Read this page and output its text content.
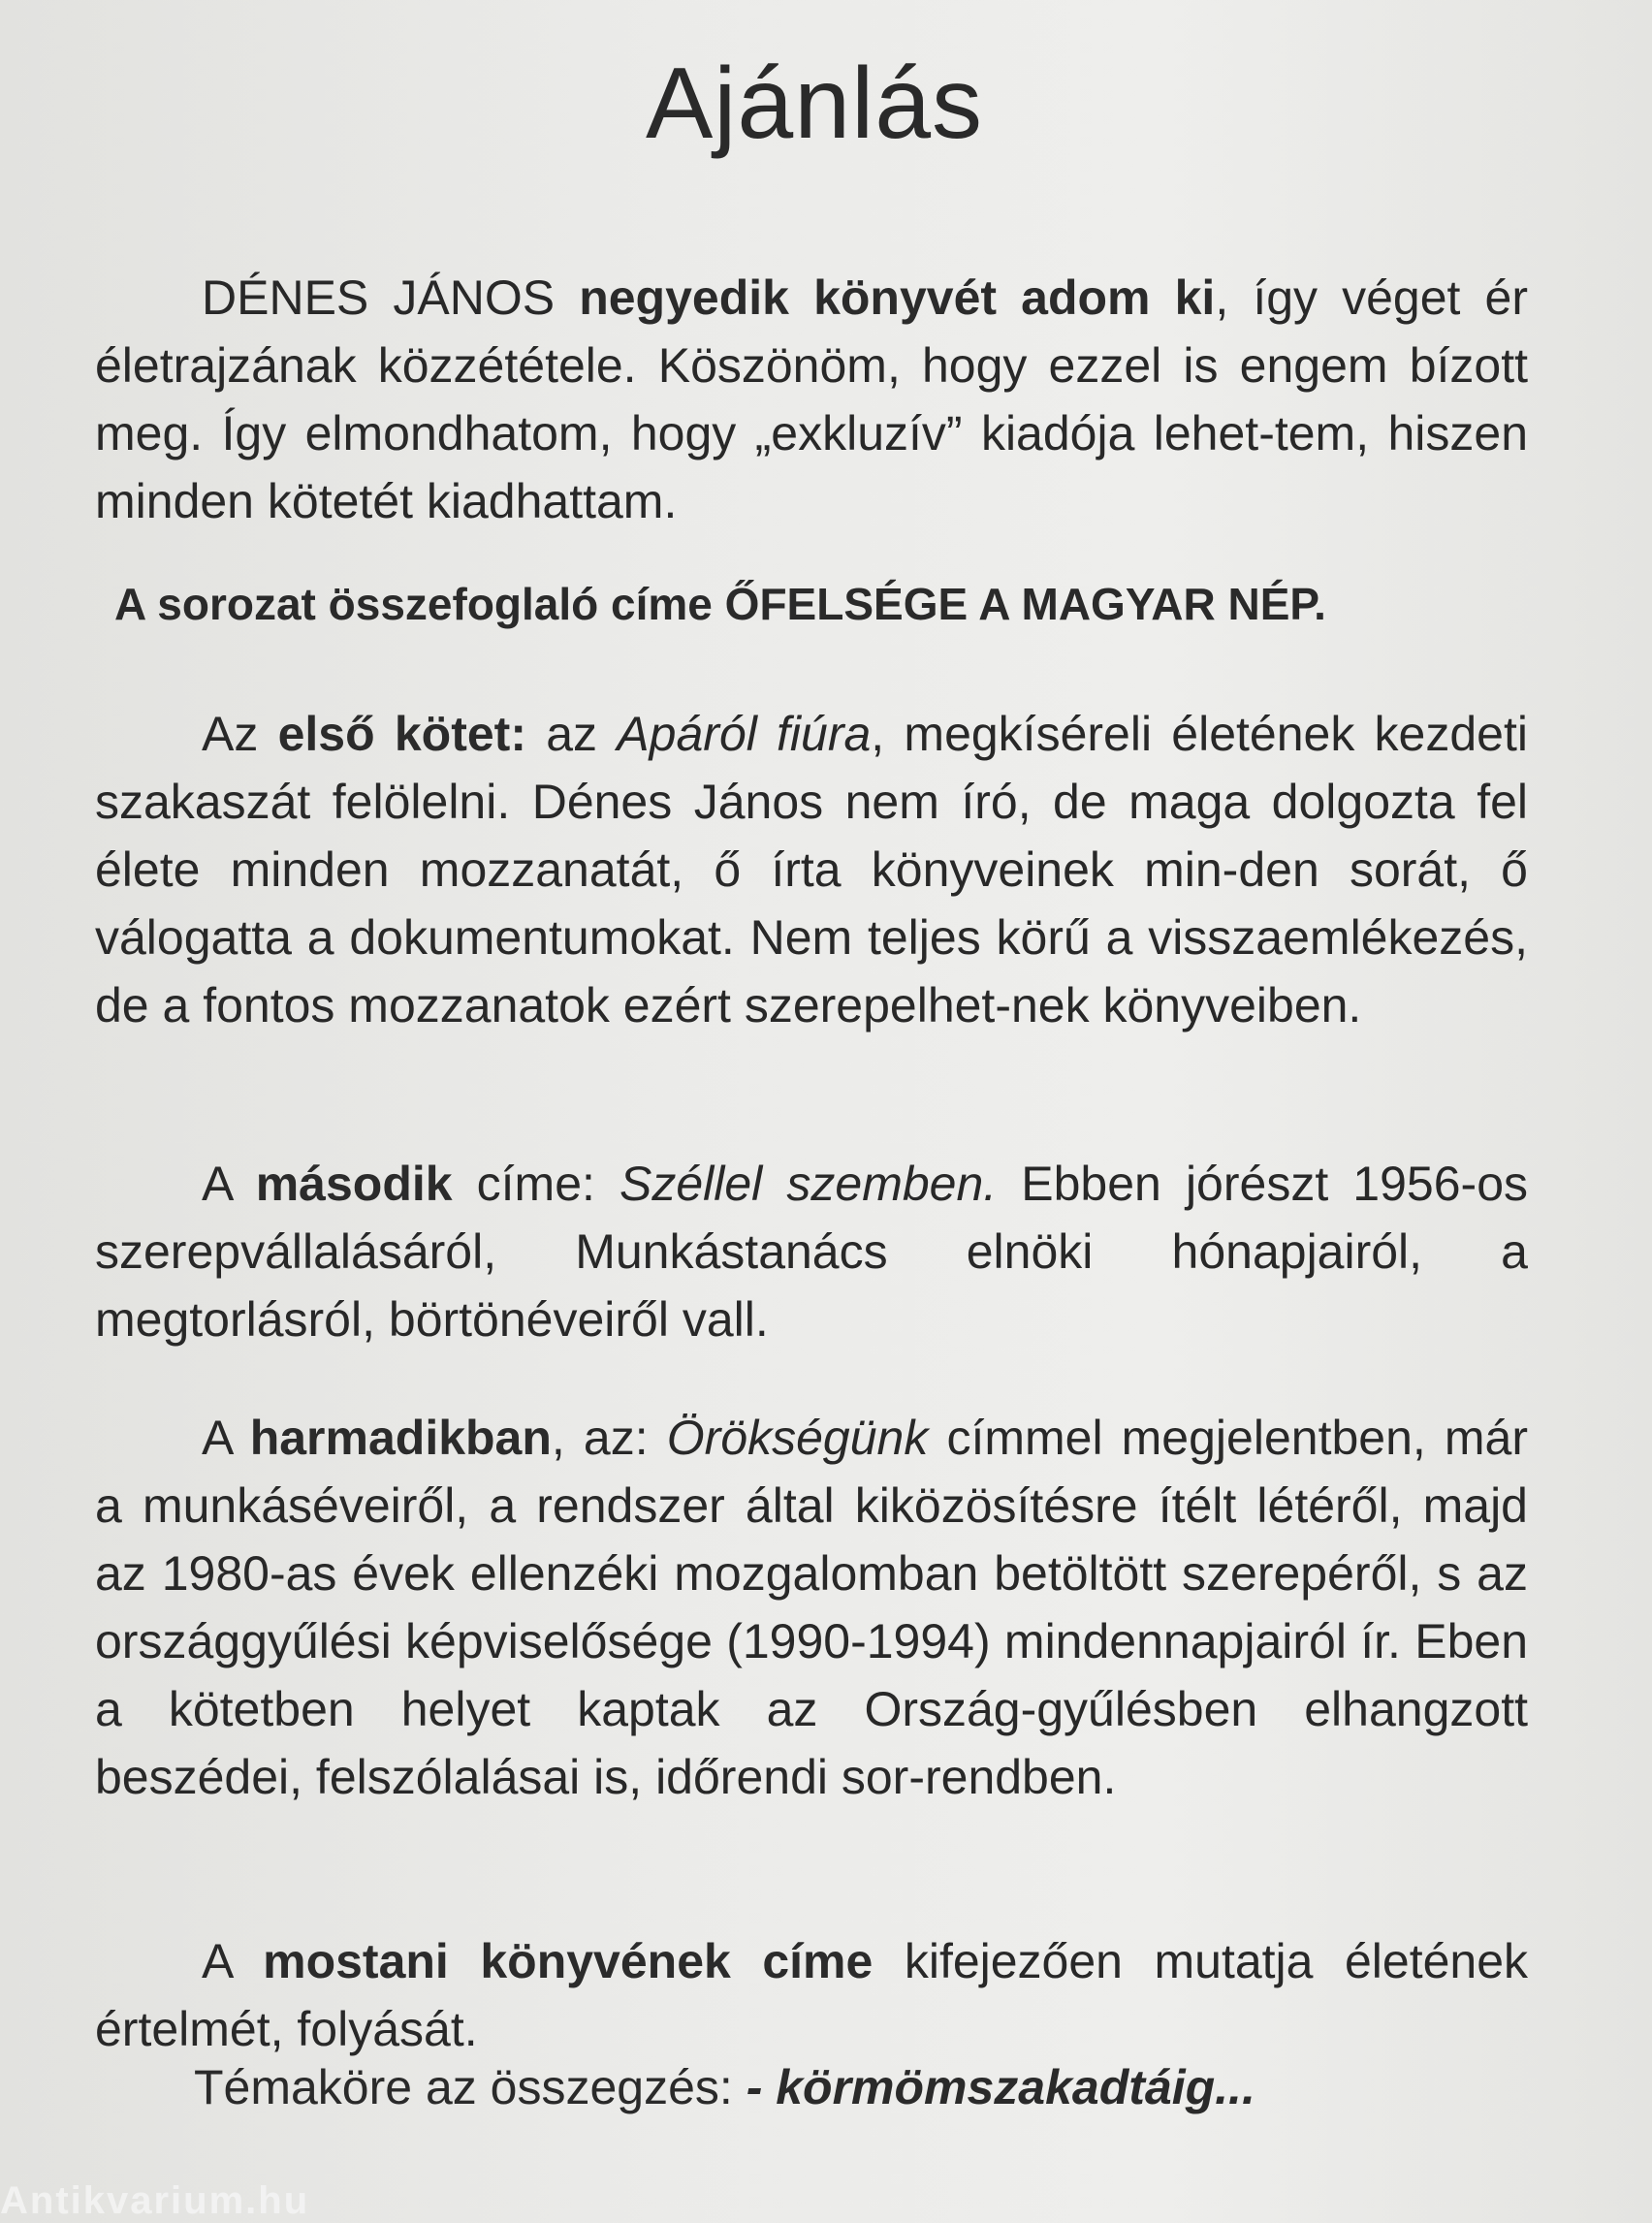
Ajánlás

DÉNES JÁNOS negyedik könyvét adom ki, így véget ér életrajzának közzététele. Köszönöm, hogy ezzel is engem bízott meg. Így elmondhatom, hogy „exkluzív” kiadója lehet-tem, hiszen minden kötetét kiadhattam.

A sorozat összefoglaló címe ŐFELSÉGE A MAGYAR NÉP.

Az első kötet: az Apáról fiúra, megkíséreli életének kezdeti szakaszát felölelni. Dénes János nem író, de maga dolgozta fel élete minden mozzanatát, ő írta könyveinek min-den sorát, ő válogatta a dokumentumokat. Nem teljes körű a visszaemlékezés, de a fontos mozzanatok ezért szerepelhet-nek könyveiben.

A második címe: Széllel szemben. Ebben jórészt 1956-os szerepvállalásáról, Munkástanács elnöki hónapjairól, a megtorlásról, börtönéveiről vall.

A harmadikban, az: Örökségünk címmel megjelentben, már a munkáséveiről, a rendszer által kiközösítésre ítélt létéről, majd az 1980-as évek ellenzéki mozgalomban betöltött szerepéről, s az országgyűlési képviselősége (1990-1994) mindennapjairól ír. Eben a kötetben helyet kaptak az Ország-gyűlésben elhangzott beszédei, felszólalásai is, időrendi sor-rendben.

A mostani könyvének címe kifejezően mutatja életének értelmét, folyását.

Témaköre az összegzés: - körmömszakadtáig...

Antikvarium.hu
